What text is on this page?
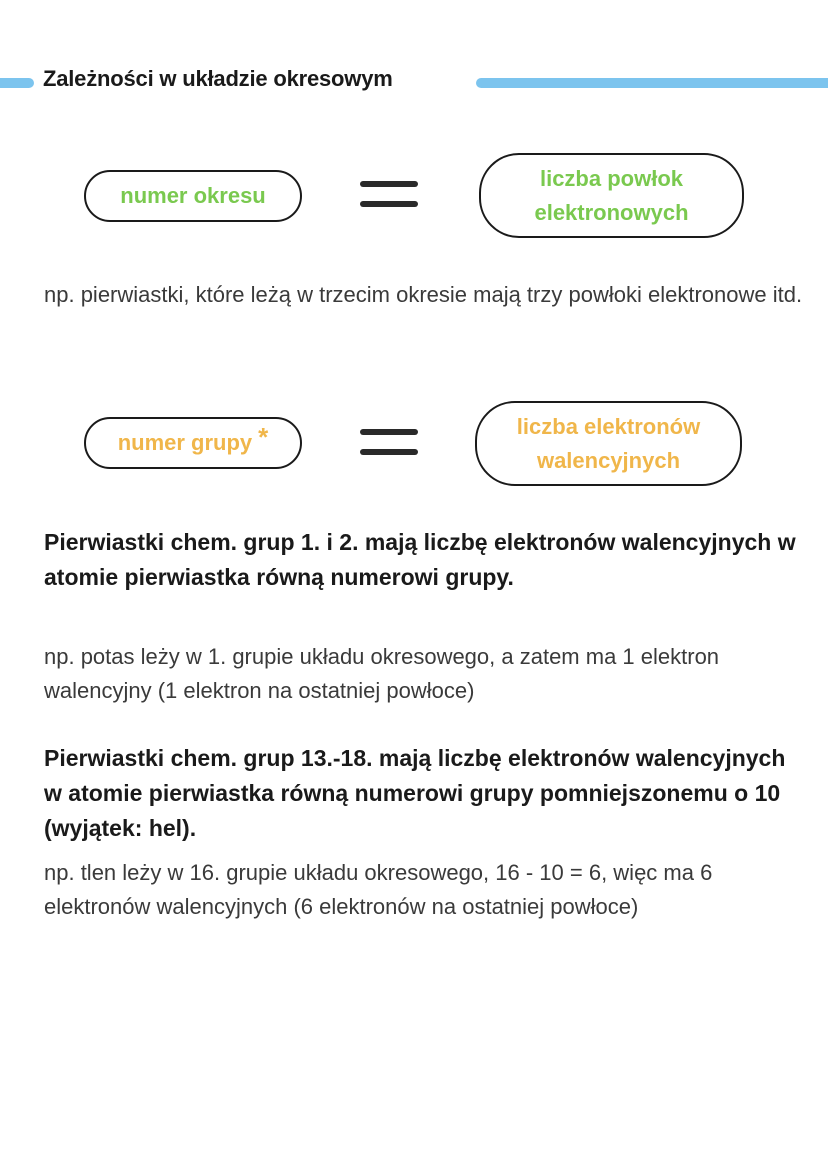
Zależności w układzie okresowym
numer okresu
liczba powłok
elektronowych
np. pierwiastki, które leżą w trzecim okresie mają trzy powłoki elektronowe itd.
numer grupy *	liczba elektronów
walencyjnych
Pierwiastki chem. grup 1. i 2. mają liczbę elektronów walencyjnych w atomie pierwiastka równą numerowi grupy.
np. potas leży w 1. grupie układu okresowego, a zatem ma 1 elektron walencyjny (1 elektron na ostatniej powłoce)
Pierwiastki chem. grup 13.-18. mają liczbę elektronów walencyjnych w atomie pierwiastka równą numerowi grupy pomniejszonemu o 10 (wyjątek: hel).
np. tlen leży w 16. grupie układu okresowego, 16 - 10 = 6, więc ma 6 elektronów walencyjnych (6 elektronów na ostatniej powłoce)
